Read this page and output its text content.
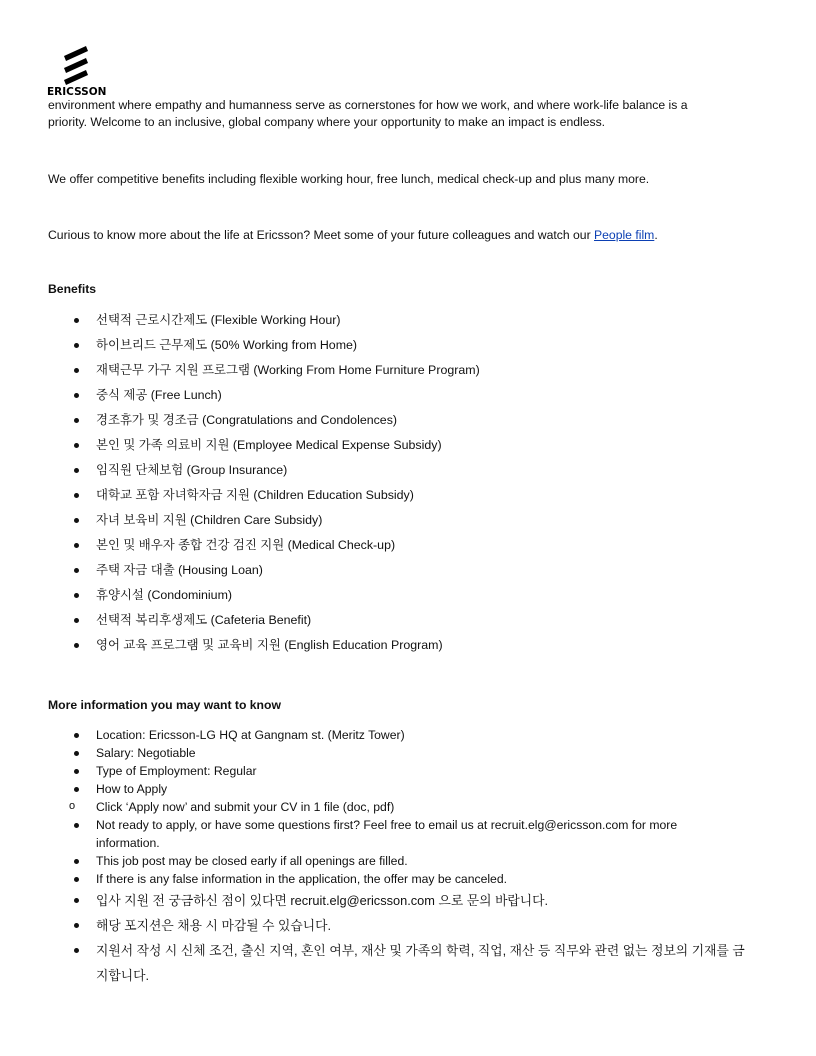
ERICSSON

environment where empathy and humanness serve as cornerstones for how we work, and where work-life balance is a
priority. Welcome to an inclusive, global company where your opportunity to make an impact is endless.

We offer competitive benefits including flexible working hour, free lunch, medical check-up and plus many more.

Curious to know more about the life at Ericsson? Meet some of your future colleagues and watch our People film.

Benefits

선택적 근로시간제도 (Flexible Working Hour)
하이브리드 근무제도 (50% Working from Home)
재택근무 가구 지원 프로그램 (Working From Home Furniture Program)
중식 제공 (Free Lunch)
경조휴가 및 경조금 (Congratulations and Condolences)
본인 및 가족 의료비 지원 (Employee Medical Expense Subsidy)
임직원 단체보험 (Group Insurance)
대학교 포함 자녀학자금 지원 (Children Education Subsidy)
자녀 보육비 지원 (Children Care Subsidy)
본인 및 배우자 종합 건강 검진 지원 (Medical Check-up)
주택 자금 대출 (Housing Loan)
휴양시설 (Condominium)
선택적 복리후생제도 (Cafeteria Benefit)
영어 교육 프로그램 및 교육비 지원 (English Education Program)

More information you may want to know

Location: Ericsson-LG HQ at Gangnam st. (Meritz Tower)
Salary: Negotiable
Type of Employment: Regular
How to Apply
o Click ‘Apply now’ and submit your CV in 1 file (doc, pdf)
Not ready to apply, or have some questions first? Feel free to email us at recruit.elg@ericsson.com for more information.
This job post may be closed early if all openings are filled.
If there is any false information in the application, the offer may be canceled.
입사 지원 전 궁금하신 점이 있다면 recruit.elg@ericsson.com 으로 문의 바랍니다.
해당 포지션은 채용 시 마감될 수 있습니다.
지원서 작성 시 신체 조건, 출신 지역, 혼인 여부, 재산 및 가족의 학력, 직업, 재산 등 직무와 관련 없는 정보의 기재를 금지합니다.
